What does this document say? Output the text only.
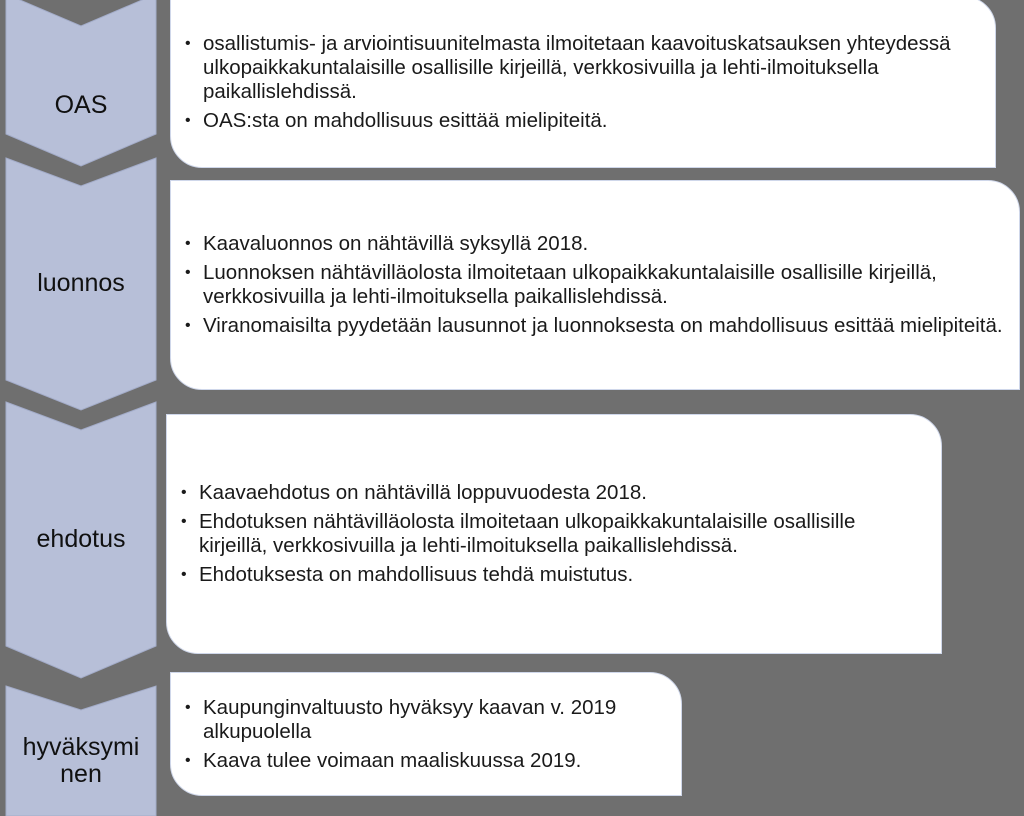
OAS
• osallistumis- ja arviointisuunitelmasta ilmoitetaan kaavoituskatsauksen yhteydessä ulkopaikkakuntalaisille osallisille kirjeillä, verkkosivuilla ja lehti-ilmoituksella paikallislehdissä.
• OAS:sta on mahdollisuus esittää mielipiteitä.
luonnos
• Kaavaluonnos on nähtävillä syksyllä 2018.
• Luonnoksen nähtävilläolosta ilmoitetaan ulkopaikkakuntalaisille osallisille kirjeillä, verkkosivuilla ja lehti-ilmoituksella paikallislehdissä.
• Viranomaisilta pyydetään lausunnot ja luonnoksesta on mahdollisuus esittää mielipiteitä.
ehdotus
• Kaavaehdotus on nähtävillä loppuvuodesta 2018.
• Ehdotuksen nähtävilläolosta ilmoitetaan ulkopaikkakuntalaisille osallisille kirjeillä, verkkosivuilla ja lehti-ilmoituksella paikallislehdissä.
• Ehdotuksesta on mahdollisuus tehdä muistutus.
hyväksymi
nen
• Kaupunginvaltuusto hyväksyy kaavan v. 2019 alkupuolella
• Kaava tulee voimaan maaliskuussa 2019.
